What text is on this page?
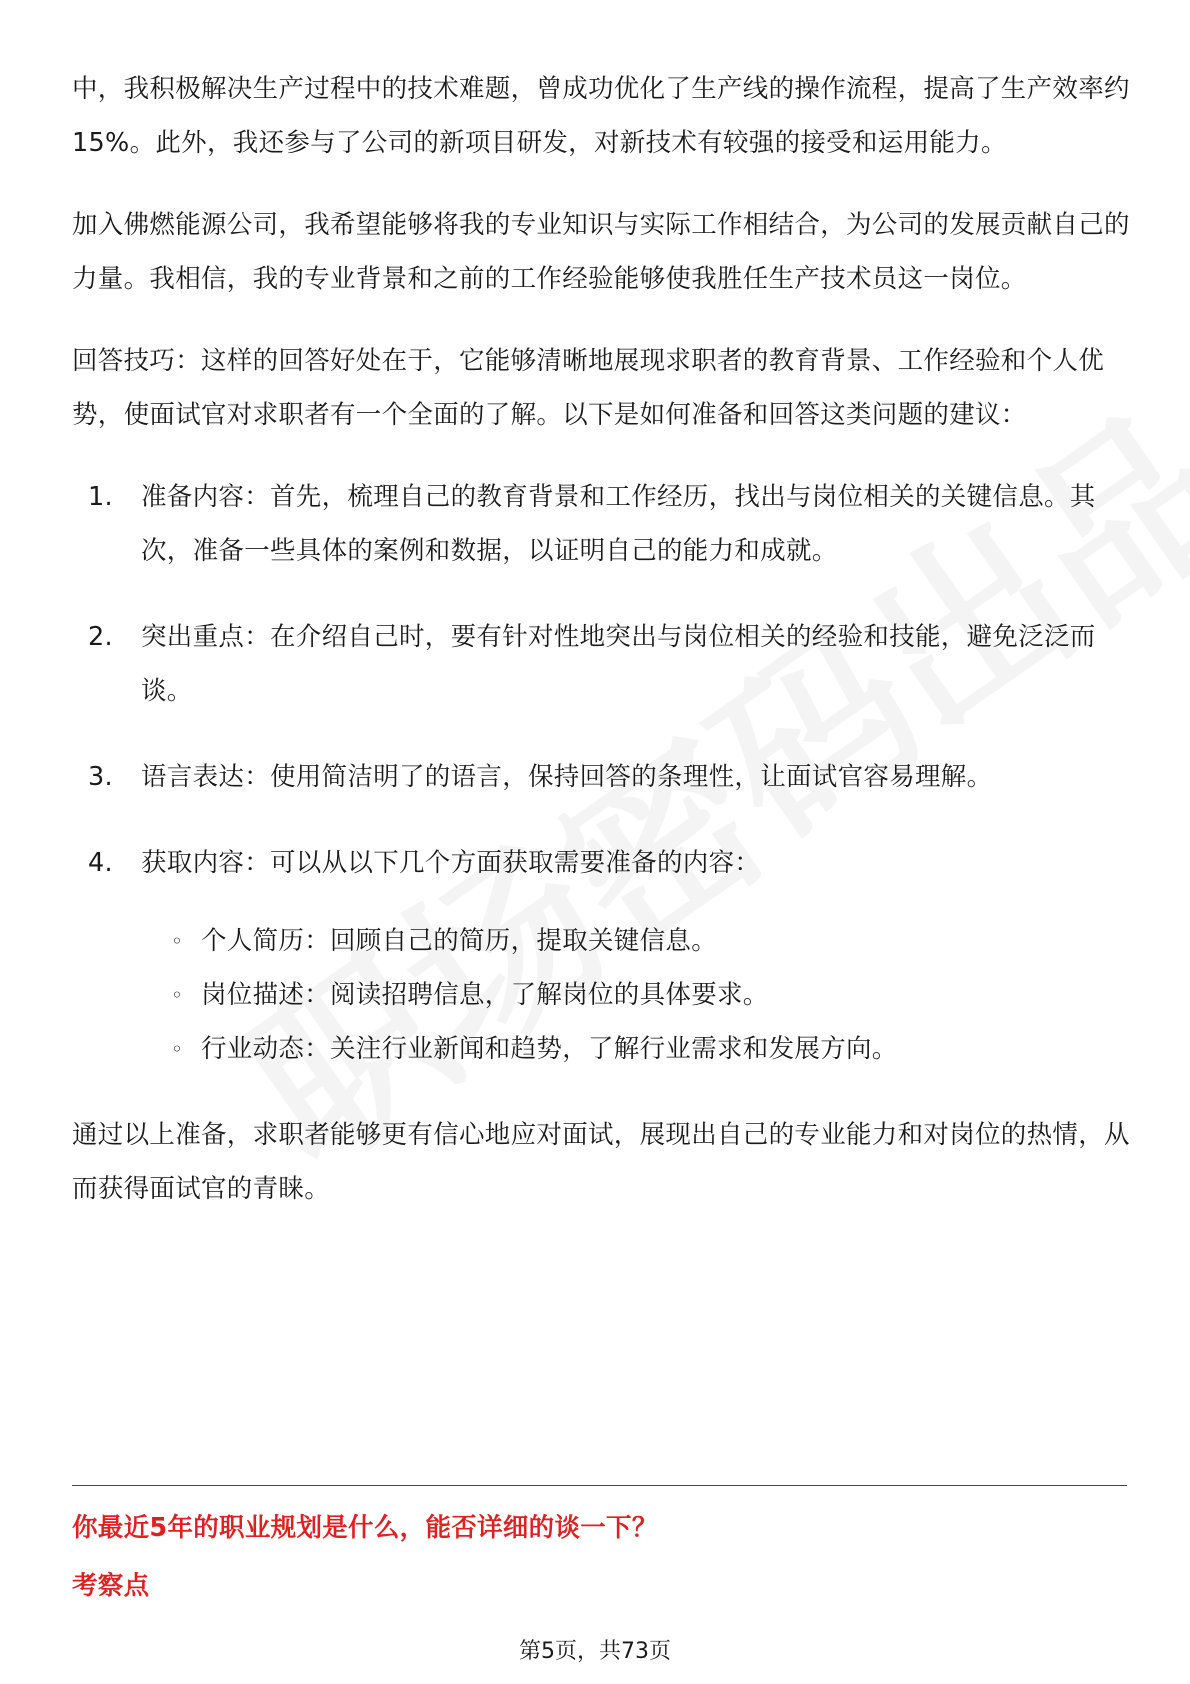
中，我积极解决生产过程中的技术难题，曾成功优化了生产线的操作流程，提高了生产效率约15%。此外，我还参与了公司的新项目研发，对新技术有较强的接受和运用能力。

加入佛燃能源公司，我希望能够将我的专业知识与实际工作相结合，为公司的发展贡献自己的力量。我相信，我的专业背景和之前的工作经验能够使我胜任生产技术员这一岗位。

回答技巧：这样的回答好处在于，它能够清晰地展现求职者的教育背景、工作经验和个人优势，使面试官对求职者有一个全面的了解。以下是如何准备和回答这类问题的建议：

1. 准备内容：首先，梳理自己的教育背景和工作经历，找出与岗位相关的关键信息。其次，准备一些具体的案例和数据，以证明自己的能力和成就。
2. 突出重点：在介绍自己时，要有针对性地突出与岗位相关的经验和技能，避免泛泛而谈。
3. 语言表达：使用简洁明了的语言，保持回答的条理性，让面试官容易理解。
4. 获取内容：可以从以下几个方面获取需要准备的内容：
◦ 个人简历：回顾自己的简历，提取关键信息。
◦ 岗位描述：阅读招聘信息，了解岗位的具体要求。
◦ 行业动态：关注行业新闻和趋势，了解行业需求和发展方向。

通过以上准备，求职者能够更有信心地应对面试，展现出自己的专业能力和对岗位的热情，从而获得面试官的青睐。

你最近5年的职业规划是什么，能否详细的谈一下？
考察点
第5页，共73页
